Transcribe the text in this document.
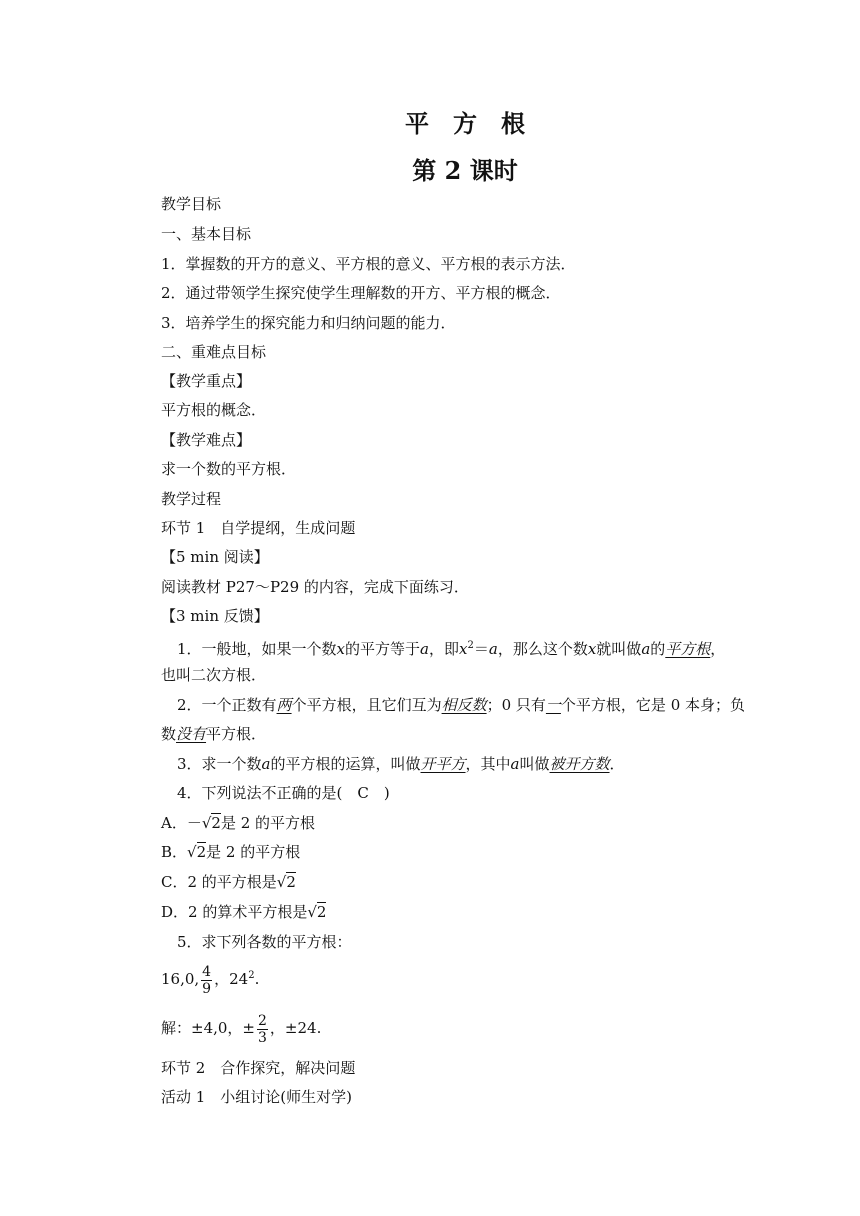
平　方　根
第 2 课时
教学目标
一、基本目标
1．掌握数的开方的意义、平方根的意义、平方根的表示方法．
2．通过带领学生探究使学生理解数的开方、平方根的概念．
3．培养学生的探究能力和归纳问题的能力．
二、重难点目标
【教学重点】
平方根的概念．
【教学难点】
求一个数的平方根．
教学过程
环节 1　自学提纲，生成问题
【5 min 阅读】
阅读教材 P27～P29 的内容，完成下面练习．
【3 min 反馈】
1．一般地，如果一个数x的平方等于a，即$x^2=a$，那么这个数x就叫做a的平方根，
也叫二次方根．
2．一个正数有两个平方根，且它们互为相反数；0 只有一个平方根，它是 0 本身；负
数没有平方根．
3．求一个数a的平方根的运算，叫做开平方，其中a叫做被开方数．
4．下列说法不正确的是(　C　)
A．－√2是 2 的平方根
B．√2是 2 的平方根
C．2 的平方根是√2
D．2 的算术平方根是√2
5．求下列各数的平方根：
16,0, $\frac{4}{9}$ ，$24^2$.
解：±4,0，± $\frac{2}{3}$ ，±24.
环节 2　合作探究，解决问题
活动 1　小组讨论(师生对学)
